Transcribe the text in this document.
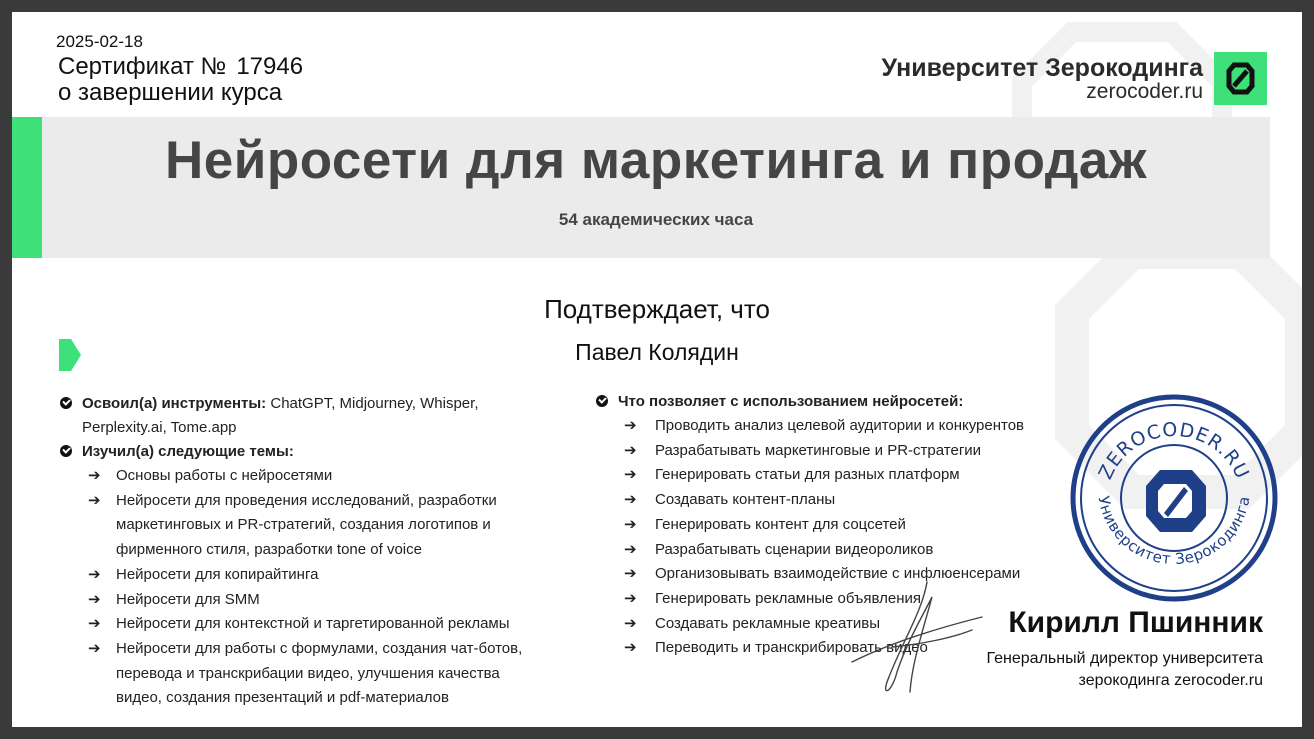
2025-02-18
Сертификат № 17946
о завершении курса
Университет Зерокодинга
zerocoder.ru
Нейросети для маркетинга и продаж
54 академических часа
Подтверждает, что
Павел Колядин
Освоил(а) инструменты: ChatGPT, Midjourney, Whisper, Perplexity.ai, Tome.app
Изучил(а) следующие темы:
➔ Основы работы с нейросетями
➔ Нейросети для проведения исследований, разработки маркетинговых и PR-стратегий, создания логотипов и фирменного стиля, разработки tone of voice
➔ Нейросети для копирайтинга
➔ Нейросети для SMM
➔ Нейросети для контекстной и таргетированной рекламы
➔ Нейросети для работы с формулами, создания чат-ботов, перевода и транскрибации видео, улучшения качества видео, создания презентаций и pdf-материалов
Что позволяет с использованием нейросетей:
➔ Проводить анализ целевой аудитории и конкурентов
➔ Разрабатывать маркетинговые и PR-стратегии
➔ Генерировать статьи для разных платформ
➔ Создавать контент-планы
➔ Генерировать контент для соцсетей
➔ Разрабатывать сценарии видеороликов
➔ Организовывать взаимодействие с инфлюенсерами
➔ Генерировать рекламные объявления
➔ Создавать рекламные креативы
➔ Переводить и транскрибировать видео
ZEROCODER.RU
Университет Зерокодинга
Кирилл Пшинник
Генеральный директор университета
зерокодинга zerocoder.ru
